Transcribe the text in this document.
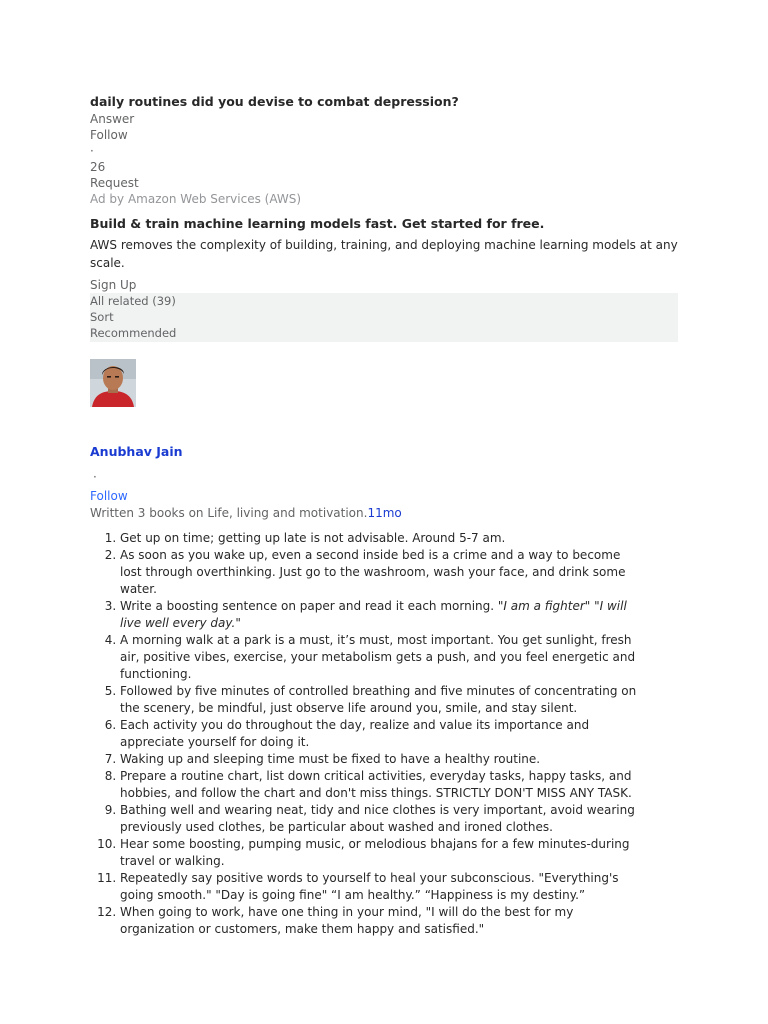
daily routines did you devise to combat depression?
Answer
Follow
·
26
Request
Ad by Amazon Web Services (AWS)
Build & train machine learning models fast. Get started for free.
AWS removes the complexity of building, training, and deploying machine learning models at any scale.
Sign Up
All related (39)
Sort
Recommended
Anubhav Jain
·
Follow
Written 3 books on Life, living and motivation.11mo
1. Get up on time; getting up late is not advisable. Around 5-7 am.
2. As soon as you wake up, even a second inside bed is a crime and a way to become lost through overthinking. Just go to the washroom, wash your face, and drink some water.
3. Write a boosting sentence on paper and read it each morning. "I am a fighter" "I will live well every day."
4. A morning walk at a park is a must, it’s must, most important. You get sunlight, fresh air, positive vibes, exercise, your metabolism gets a push, and you feel energetic and functioning.
5. Followed by five minutes of controlled breathing and five minutes of concentrating on the scenery, be mindful, just observe life around you, smile, and stay silent.
6. Each activity you do throughout the day, realize and value its importance and appreciate yourself for doing it.
7. Waking up and sleeping time must be fixed to have a healthy routine.
8. Prepare a routine chart, list down critical activities, everyday tasks, happy tasks, and hobbies, and follow the chart and don't miss things. STRICTLY DON'T MISS ANY TASK.
9. Bathing well and wearing neat, tidy and nice clothes is very important, avoid wearing previously used clothes, be particular about washed and ironed clothes.
10. Hear some boosting, pumping music, or melodious bhajans for a few minutes-during travel or walking.
11. Repeatedly say positive words to yourself to heal your subconscious. "Everything's going smooth." "Day is going fine" “I am healthy.” “Happiness is my destiny.”
12. When going to work, have one thing in your mind, "I will do the best for my organization or customers, make them happy and satisfied."
